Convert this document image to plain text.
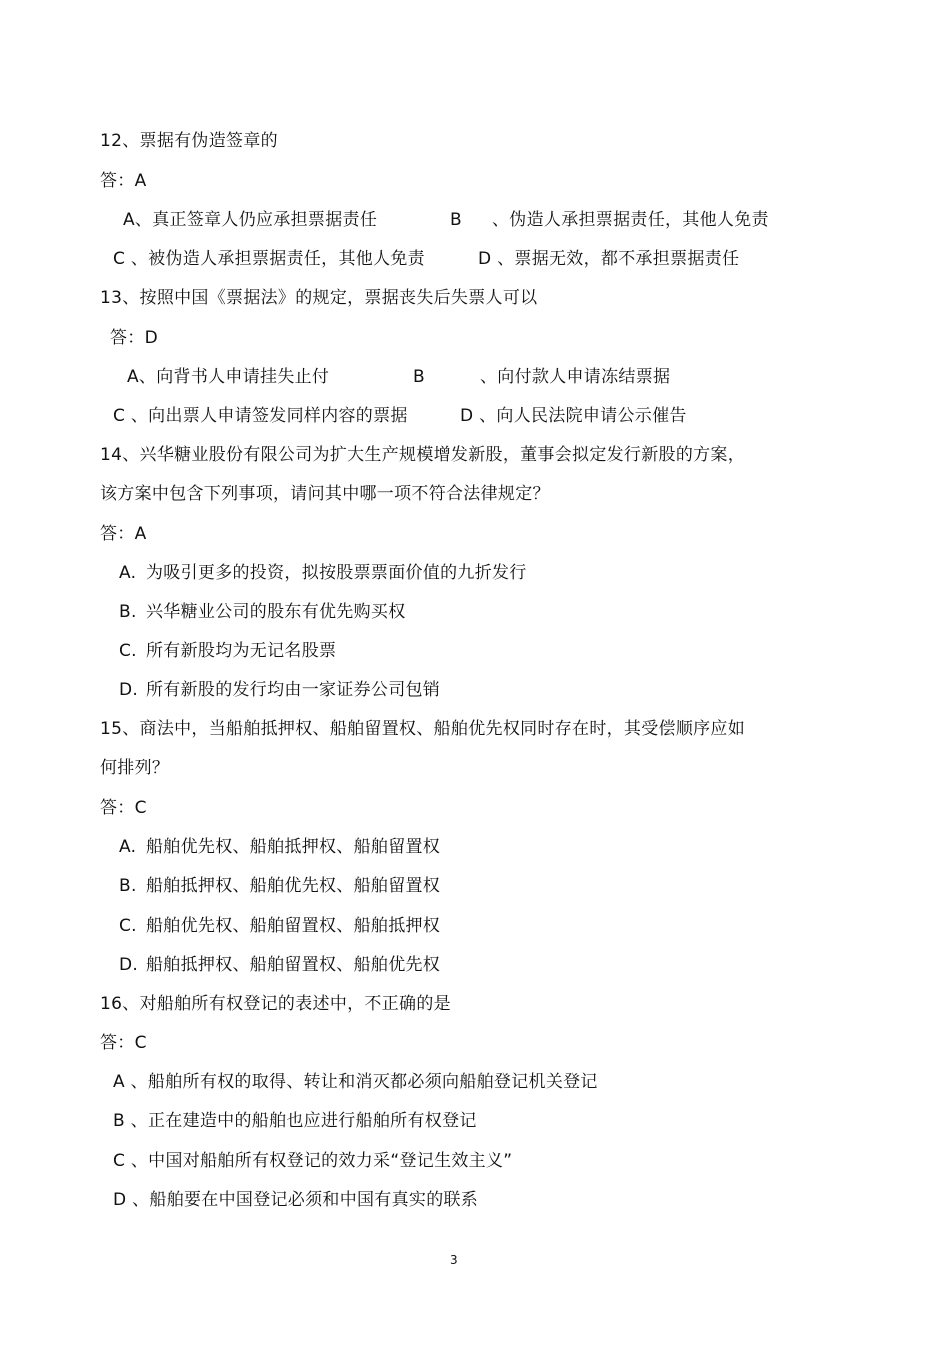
12、票据有伪造签章的
答：A
A、真正签章人仍应承担票据责任	B 、伪造人承担票据责任，其他人免责
C 、被伪造人承担票据责任，其他人免责	D 、票据无效，都不承担票据责任
13、按照中国《票据法》的规定，票据丧失后失票人可以
答：D
A、向背书人申请挂失止付	B	、向付款人申请冻结票据
C 、向出票人申请签发同样内容的票据	D 、向人民法院申请公示催告
14、兴华糖业股份有限公司为扩大生产规模增发新股，董事会拟定发行新股的方案，
该方案中包含下列事项，请问其中哪一项不符合法律规定？
答：A
A. 为吸引更多的投资，拟按股票票面价值的九折发行
B. 兴华糖业公司的股东有优先购买权
C. 所有新股均为无记名股票
D. 所有新股的发行均由一家证券公司包销
15、商法中，当船舶抵押权、船舶留置权、船舶优先权同时存在时，其受偿顺序应如
何排列？
答：C
A. 船舶优先权、船舶抵押权、船舶留置权
B. 船舶抵押权、船舶优先权、船舶留置权
C. 船舶优先权、船舶留置权、船舶抵押权
D. 船舶抵押权、船舶留置权、船舶优先权
16、对船舶所有权登记的表述中，不正确的是
答：C
A 、船舶所有权的取得、转让和消灭都必须向船舶登记机关登记
B 、正在建造中的船舶也应进行船舶所有权登记
C 、中国对船舶所有权登记的效力采“登记生效主义”
D 、船舶要在中国登记必须和中国有真实的联系
3
